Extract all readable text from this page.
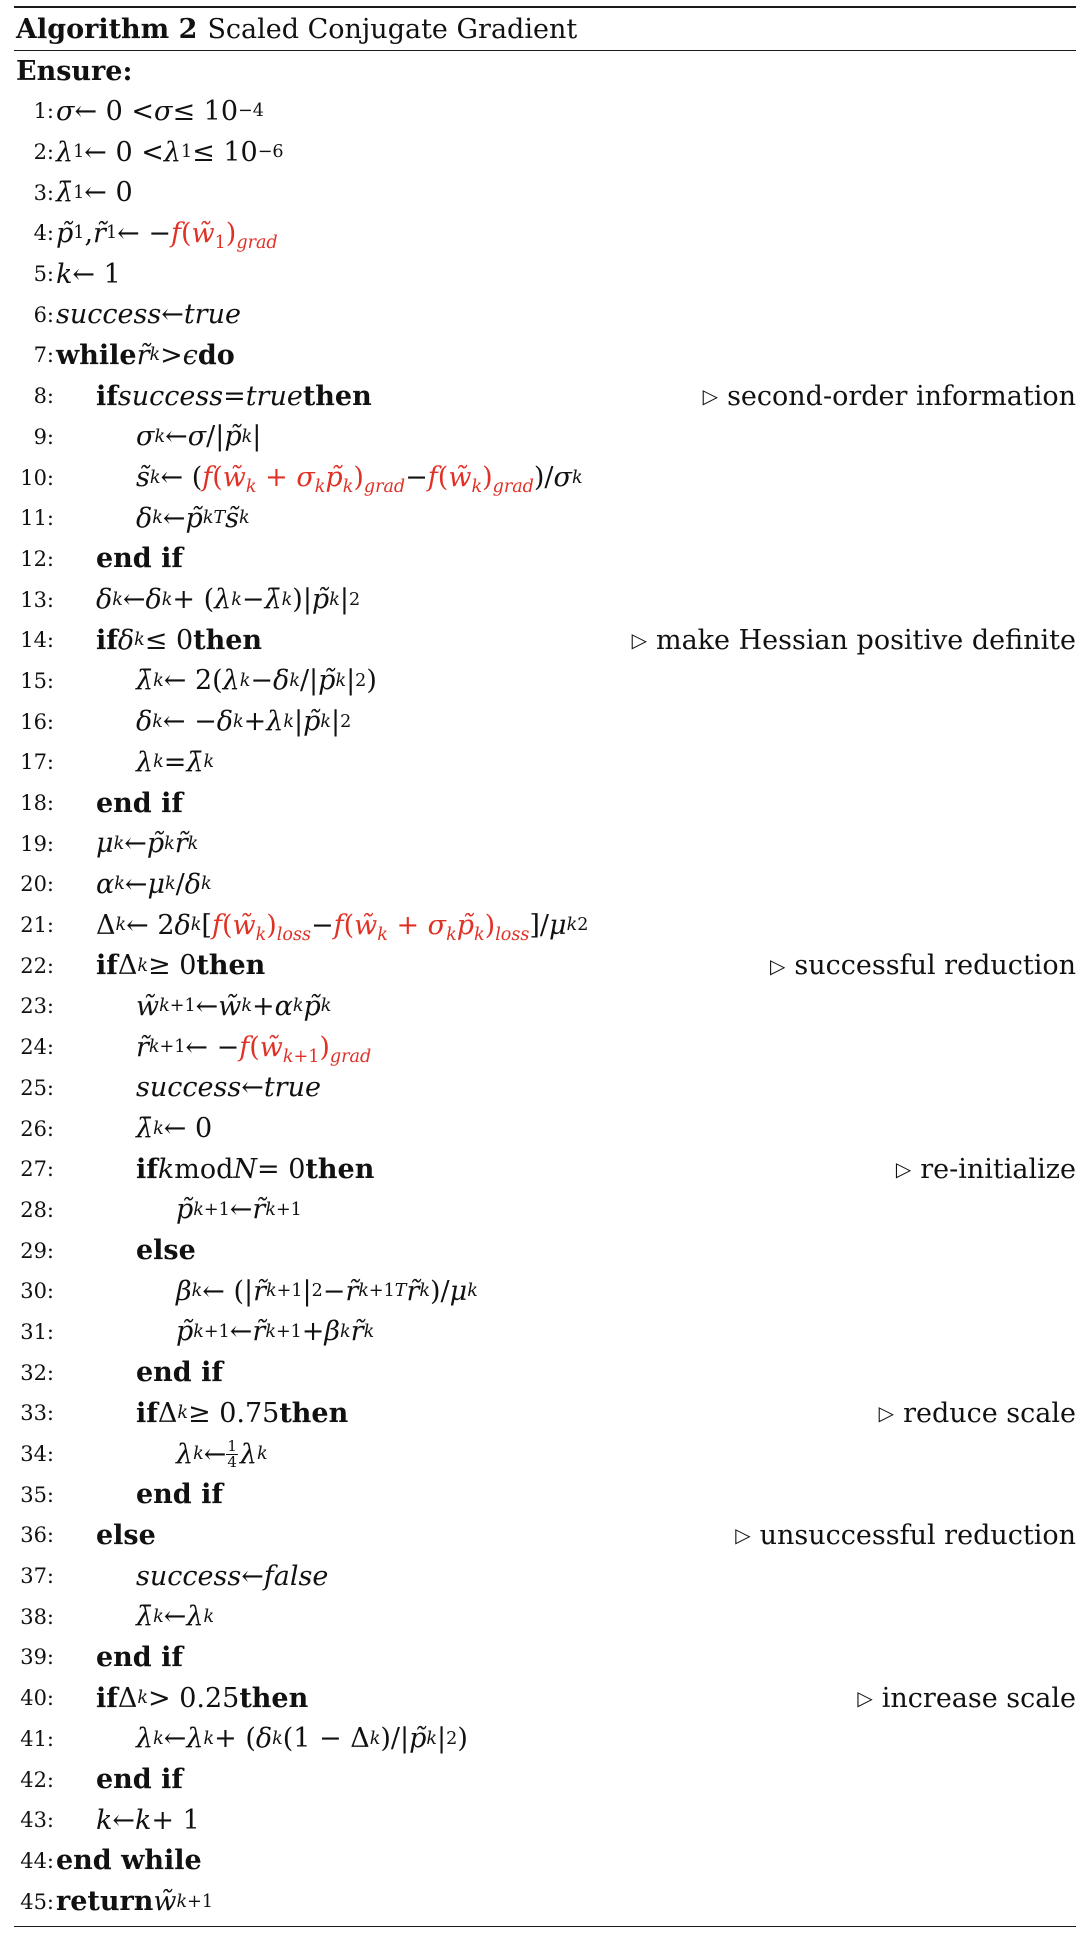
Algorithm 2 Scaled Conjugate Gradient
Ensure:
1: σ ← 0 < σ ≤ 10 −4
2: λ 1 ← 0 < λ 1 ≤ 10 −6
3: λ̄ 1 ← 0
4: p̃ 1 , r̃ 1 ← − $f(w̃_1)_{grad}$
5: k ← 1
6: success ← true
7: while r̃ k > ϵ do
8: if success = true then	▷ second-order information
9:	σ k ← σ /| p̃ k |
10:	s̃ k ← ( $f(w̃_k$ + $\sigma_kp̃_k)_{grad}$ − $f(w̃_k)_{grad}$ )/ σ k
11:	δ k ← p̃ k T s̃ k
12: end if
13: δ k ← δ k + ( λ k − λ̄ k )| p̃ k | 2
14: if δ k ≤ 0 then	▷ make Hessian positive definite
15:	λ̄ k ← 2( λ k − δ k /| p̃ k | 2 )
16:	δ k ← − δ k + λ k | p̃ k | 2
17:	λ k = λ̄ k
18: end if
19: μ k ← p̃ k r̃ k
20: α k ← μ k / δ k
21: Δ k ← 2 δ k [ $f(w̃_k)_{loss}$ − $f(w̃_k$ + $\sigma_kp̃_k)_{loss}$ ]/ μ k 2
22: if Δ k ≥ 0 then	▷ successful reduction
23:	w̃ k+1 ← w̃ k + α k p̃ k
24:	r̃ k+1 ← − $f(w̃_{k+1})_{grad}$
25:	success ← true
26:	λ̄ k ← 0
27:	if k mod N = 0 then	▷ re-initialize
28:	p̃ k+1 ← r̃ k+1
29:	else
30:	β k ← (| r̃ k+1 | 2 − r̃ k+1 T r̃ k )/ μ k
31:	p̃ k+1 ← r̃ k+1 + β k r̃ k
32:	end if
33:	if Δ k ≥ 0.75 then	▷ reduce scale
34:	λ k ← $\frac{1}{4}$ λ k
35:	end if
36: else	▷ unsuccessful reduction
37:	success ← false
38:	λ̄ k ← λ k
39: end if
40: if Δ k > 0.25 then	▷ increase scale
41:	λ k ← λ k + ( δ k (1 − Δ k )/| p̃ k | 2 )
42: end if
43: k ← k + 1
44: end while
45: return w̃ k+1
